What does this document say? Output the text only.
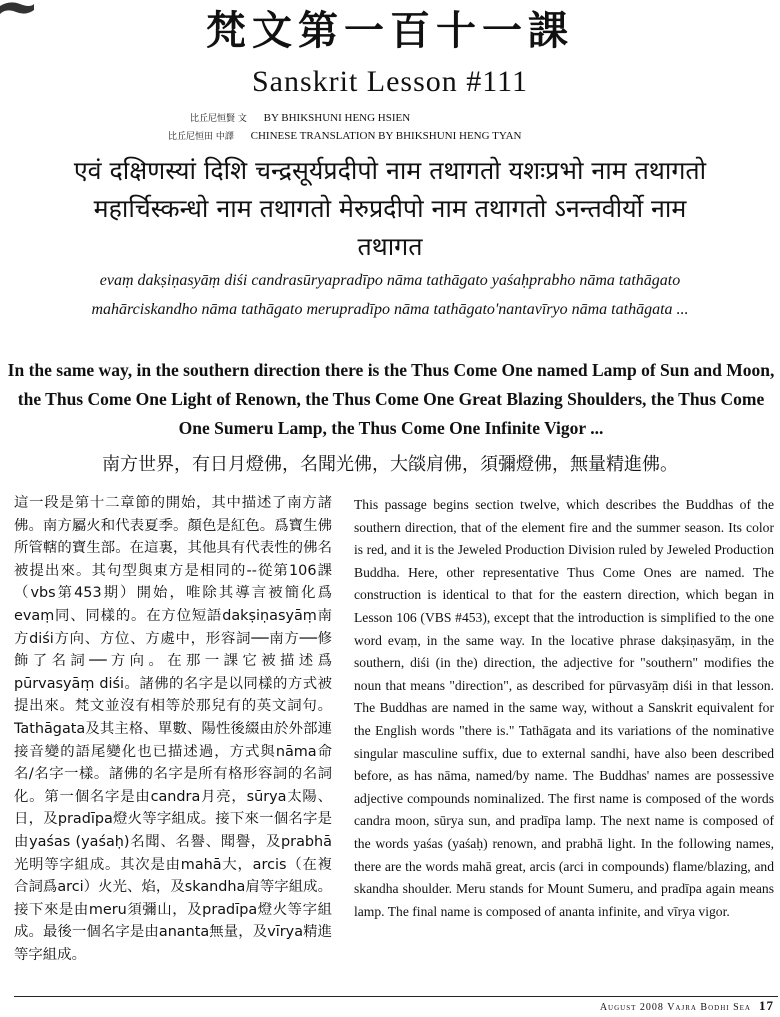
梵文第一百十一課
Sanskrit Lesson #111
比丘尼恒賢 文 BY BHIKSHUNI HENG HSIEN
比丘尼恒田 中譯 CHINESE TRANSLATION BY BHIKSHUNI HENG TYAN
एवं दक्षिणस्यां दिशि चन्द्रसूर्यप्रदीपो नाम तथागतो यशःप्रभो नाम तथागतो महार्चिस्कन्धो नाम तथागतो मेरुप्रदीपो नाम तथागतो ऽनन्तवीर्यो नाम तथागत
evaṃ dakṣiṇasyāṃ diśi candrasūryapradīpo nāma tathāgato yaśaḥprabho nāma tathāgato mahārciskandho nāma tathāgato merupradīpo nāma tathāgato'nantavīryo nāma tathāgata ...
In the same way, in the southern direction there is the Thus Come One named Lamp of Sun and Moon, the Thus Come One Light of Renown, the Thus Come One Great Blazing Shoulders, the Thus Come One Sumeru Lamp, the Thus Come One Infinite Vigor ...
南方世界，有日月燈佛，名聞光佛，大燄肩佛，須彌燈佛，無量精進佛。
這一段是第十二章節的開始，其中描述了南方諸佛。南方屬火和代表夏季。顏色是紅色。爲寶生佛所管轄的寶生部。在這裏，其他具有代表性的佛名被提出來。其句型與東方是相同的--從第106課（vbs第453期）開始，唯除其導言被簡化爲evaṃ同、同樣的。在方位短語dakṣiṇasyāṃ南方diśi方向、方位、方處中，形容詞──南方──修飾了名詞──方向。在那一課它被描述爲pūrvasyāṃ diśi。諸佛的名字是以同樣的方式被提出來。梵文並沒有相等於那兒有的英文詞句。Tathāgata及其主格、單數、陽性後綴由於外部連接音變的語尾變化也已描述過，方式與nāma命名/名字一樣。諸佛的名字是所有格形容詞的名詞化。第一個名字是由candra月亮，sūrya太陽、日，及pradīpa燈火等字組成。接下來一個名字是由yaśas (yaśaḥ)名聞、名譽、聞譽，及prabhā光明等字組成。其次是由mahā大，arcis（在複合詞爲arci）火光、焰，及skandha肩等字組成。接下來是由meru須彌山，及pradīpa燈火等字組成。最後一個名字是由ananta無量，及vīrya精進等字組成。
This passage begins section twelve, which describes the Buddhas of the southern direction, that of the element fire and the summer season. Its color is red, and it is the Jeweled Production Division ruled by Jeweled Production Buddha. Here, other representative Thus Come Ones are named. The construction is identical to that for the eastern direction, which began in Lesson 106 (VBS #453), except that the introduction is simplified to the one word evaṃ, in the same way. In the locative phrase dakṣiṇasyāṃ, in the southern, diśi (in the) direction, the adjective for "southern" modifies the noun that means "direction", as described for pūrvasyāṃ diśi in that lesson. The Buddhas are named in the same way, without a Sanskrit equivalent for the English words "there is." Tathāgata and its variations of the nominative singular masculine suffix, due to external sandhi, have also been described before, as has nāma, named/by name. The Buddhas' names are possessive adjective compounds nominalized. The first name is composed of the words candra moon, sūrya sun, and pradīpa lamp. The next name is composed of the words yaśas (yaśaḥ) renown, and prabhā light. In the following names, there are the words mahā great, arcis (arci in compounds) flame/blazing, and skandha shoulder. Meru stands for Mount Sumeru, and pradīpa again means lamp. The final name is composed of ananta infinite, and vīrya vigor.
August 2008 Vajra Bodhi Sea 17
